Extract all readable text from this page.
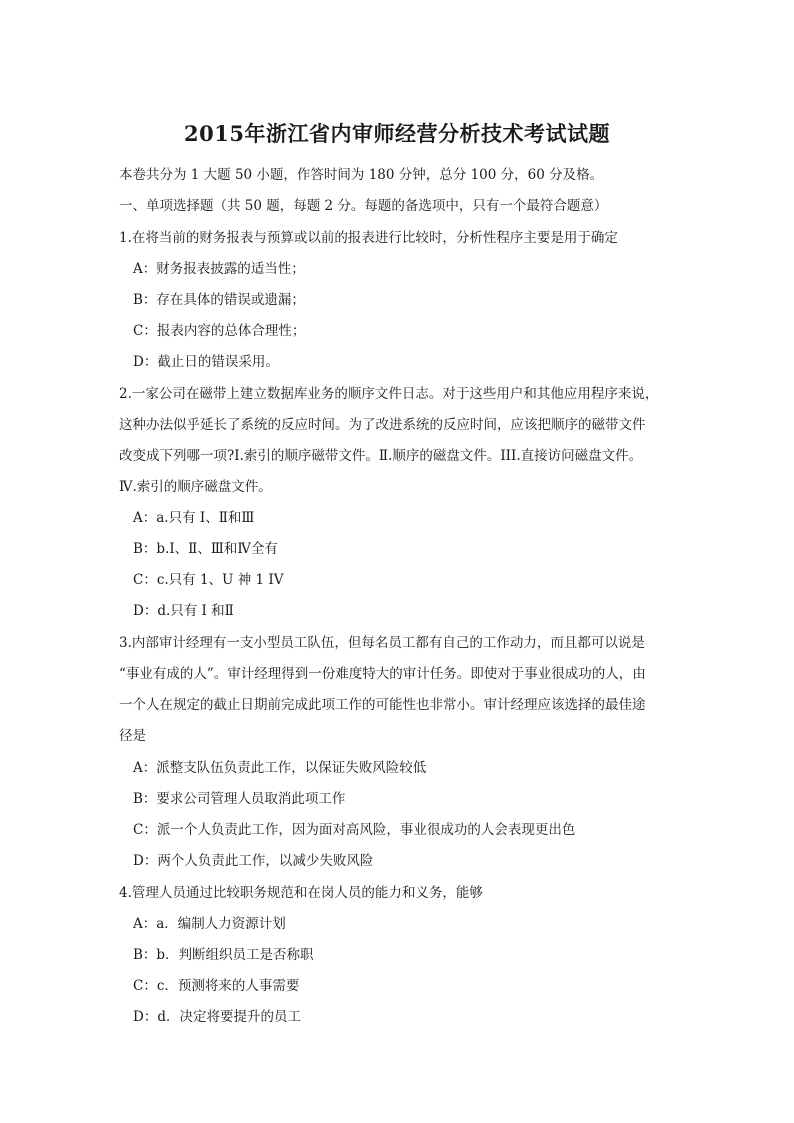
2015年浙江省内审师经营分析技术考试试题
本卷共分为 1 大题 50 小题，作答时间为 180 分钟，总分 100 分，60 分及格。
一、单项选择题（共 50 题，每题 2 分。每题的备选项中，只有一个最符合题意）
1.在将当前的财务报表与预算或以前的报表进行比较时，分析性程序主要是用于确定
A：财务报表披露的适当性；
B：存在具体的错误或遗漏；
C：报表内容的总体合理性；
D：截止日的错误采用。
2.一家公司在磁带上建立数据库业务的顺序文件日志。对于这些用户和其他应用程序来说，
这种办法似乎延长了系统的反应时间。为了改进系统的反应时间，应该把顺序的磁带文件
改变成下列哪一项?I.索引的顺序磁带文件。Ⅱ.顺序的磁盘文件。III.直接访问磁盘文件。
Ⅳ.索引的顺序磁盘文件。
A：a.只有 I、Ⅱ和Ⅲ
B：b.I、Ⅱ、Ⅲ和Ⅳ全有
C：c.只有 1、U 神 1 IV
D：d.只有 I 和Ⅱ
3.内部审计经理有一支小型员工队伍，但每名员工都有自己的工作动力，而且都可以说是
“事业有成的人”。审计经理得到一份难度特大的审计任务。即使对于事业很成功的人，由
一个人在规定的截止日期前完成此项工作的可能性也非常小。审计经理应该选择的最佳途
径是
A：派整支队伍负责此工作，以保证失败风险较低
B：要求公司管理人员取消此项工作
C：派一个人负责此工作，因为面对高风险，事业很成功的人会表现更出色
D：两个人负责此工作，以减少失败风险
4.管理人员通过比较职务规范和在岗人员的能力和义务，能够
A：a．编制人力资源计划
B：b．判断组织员工是否称职
C：c．预测将来的人事需要
D：d．决定将要提升的员工
